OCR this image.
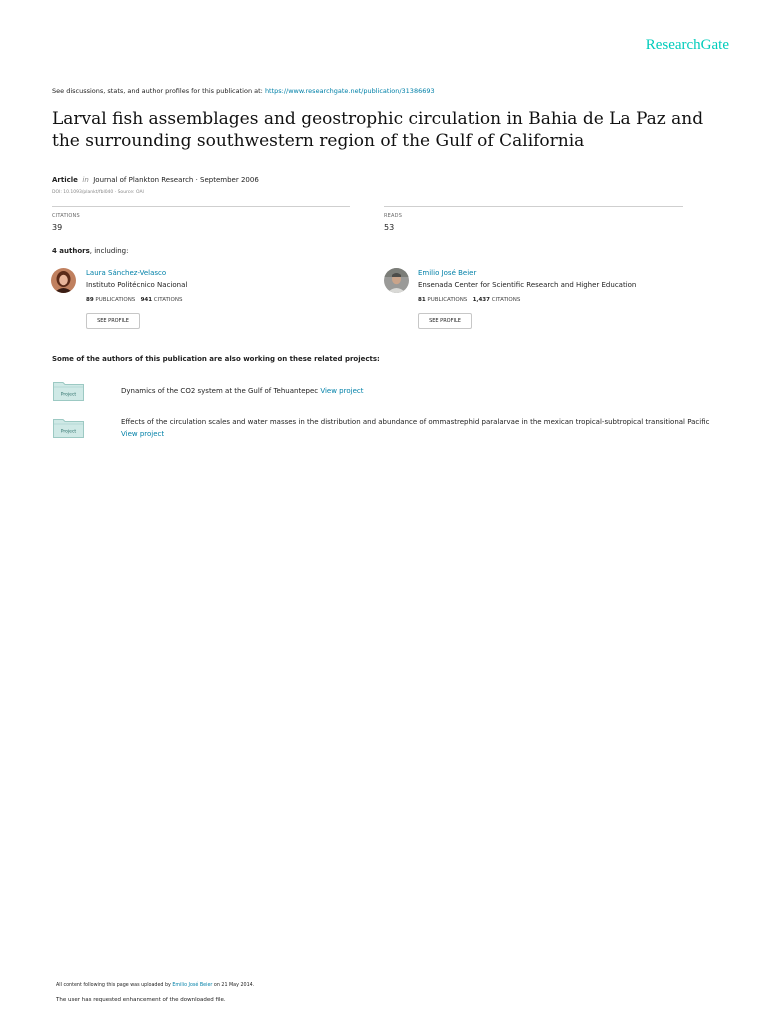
ResearchGate
See discussions, stats, and author profiles for this publication at: https://www.researchgate.net/publication/31386693
Larval fish assemblages and geostrophic circulation in Bahia de La Paz and the surrounding southwestern region of the Gulf of California
Article in Journal of Plankton Research · September 2006
DOI: 10.1093/plankt/fbl040 · Source: OAI
CITATIONS
39
READS
53
4 authors, including:
Laura Sánchez-Velasco
Instituto Politécnico Nacional
89 PUBLICATIONS 941 CITATIONS
SEE PROFILE
Emilio José Beier
Ensenada Center for Scientific Research and Higher Education
81 PUBLICATIONS 1,437 CITATIONS
SEE PROFILE
Some of the authors of this publication are also working on these related projects:
Project	Dynamics of the CO2 system at the Gulf of Tehuantepec View project
Project
Effects of the circulation scales and water masses in the distribution and abundance of ommastrephid paralarvae in the mexican tropical-subtropical transitional Pacific View project
All content following this page was uploaded by Emilio José Beier on 21 May 2014.
The user has requested enhancement of the downloaded file.
